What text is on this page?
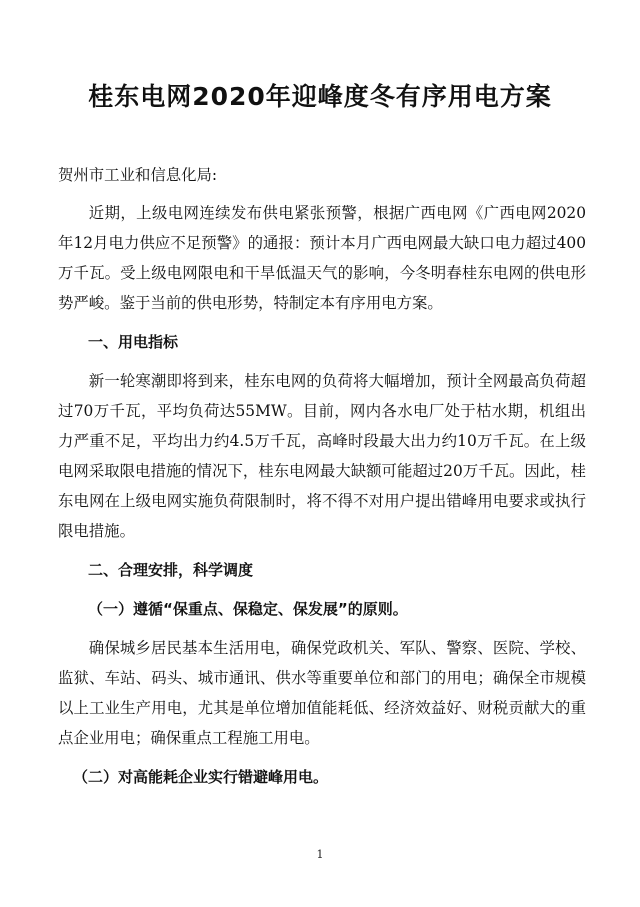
桂东电网2020年迎峰度冬有序用电方案

贺州市工业和信息化局:

近期，上级电网连续发布供电紧张预警，根据广西电网《广西电网2020年12月电力供应不足预警》的通报：预计本月广西电网最大缺口电力超过400万千瓦。受上级电网限电和干旱低温天气的影响，今冬明春桂东电网的供电形势严峻。鉴于当前的供电形势，特制定本有序用电方案。

一、用电指标

新一轮寒潮即将到来，桂东电网的负荷将大幅增加，预计全网最高负荷超过70万千瓦，平均负荷达55MW。目前，网内各水电厂处于枯水期，机组出力严重不足，平均出力约4.5万千瓦，高峰时段最大出力约10万千瓦。在上级电网采取限电措施的情况下，桂东电网最大缺额可能超过20万千瓦。因此，桂东电网在上级电网实施负荷限制时，将不得不对用户提出错峰用电要求或执行限电措施。

二、合理安排，科学调度
（一）遵循“保重点、保稳定、保发展”的原则。

确保城乡居民基本生活用电，确保党政机关、军队、警察、医院、学校、监狱、车站、码头、城市通讯、供水等重要单位和部门的用电；确保全市规模以上工业生产用电，尤其是单位增加值能耗低、经济效益好、财税贡献大的重点企业用电；确保重点工程施工用电。

（二）对高能耗企业实行错避峰用电。
1
